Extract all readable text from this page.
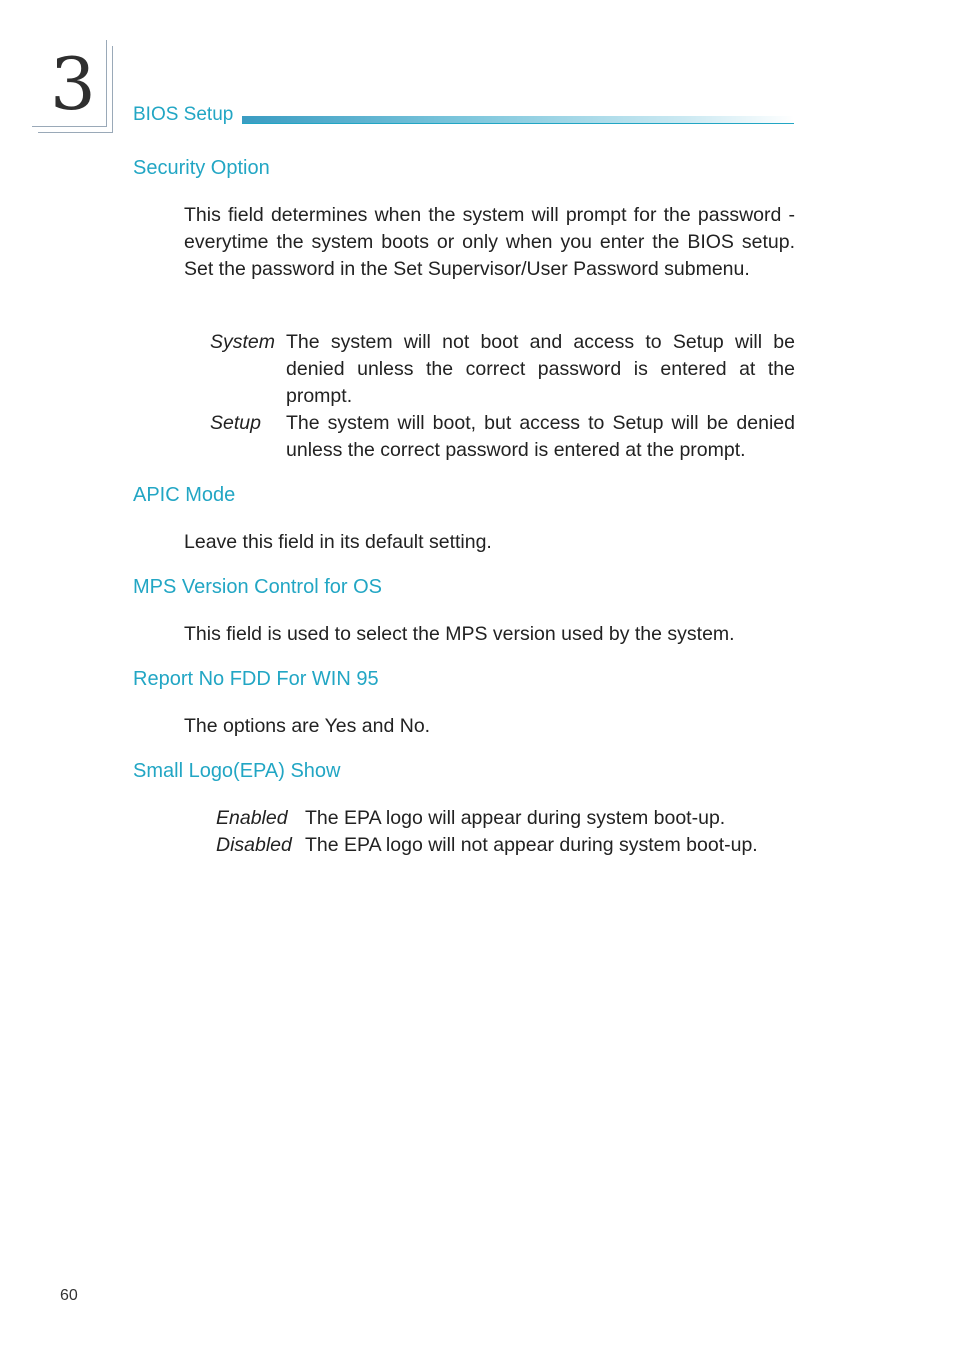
3 BIOS Setup
Security Option
This field determines when the system will prompt for the password - everytime the system boots or only when you enter the BIOS setup. Set the password in the Set Supervisor/User Password submenu.
System The system will not boot and access to Setup will be denied unless the correct password is entered at the prompt.
Setup The system will boot, but access to Setup will be denied unless the correct password is entered at the prompt.
APIC Mode
Leave this field in its default setting.
MPS Version Control for OS
This field is used to select the MPS version used by the system.
Report No FDD For WIN 95
The options are Yes and No.
Small Logo(EPA) Show
Enabled The EPA logo will appear during system boot-up.
Disabled The EPA logo will not appear during system boot-up.
60
